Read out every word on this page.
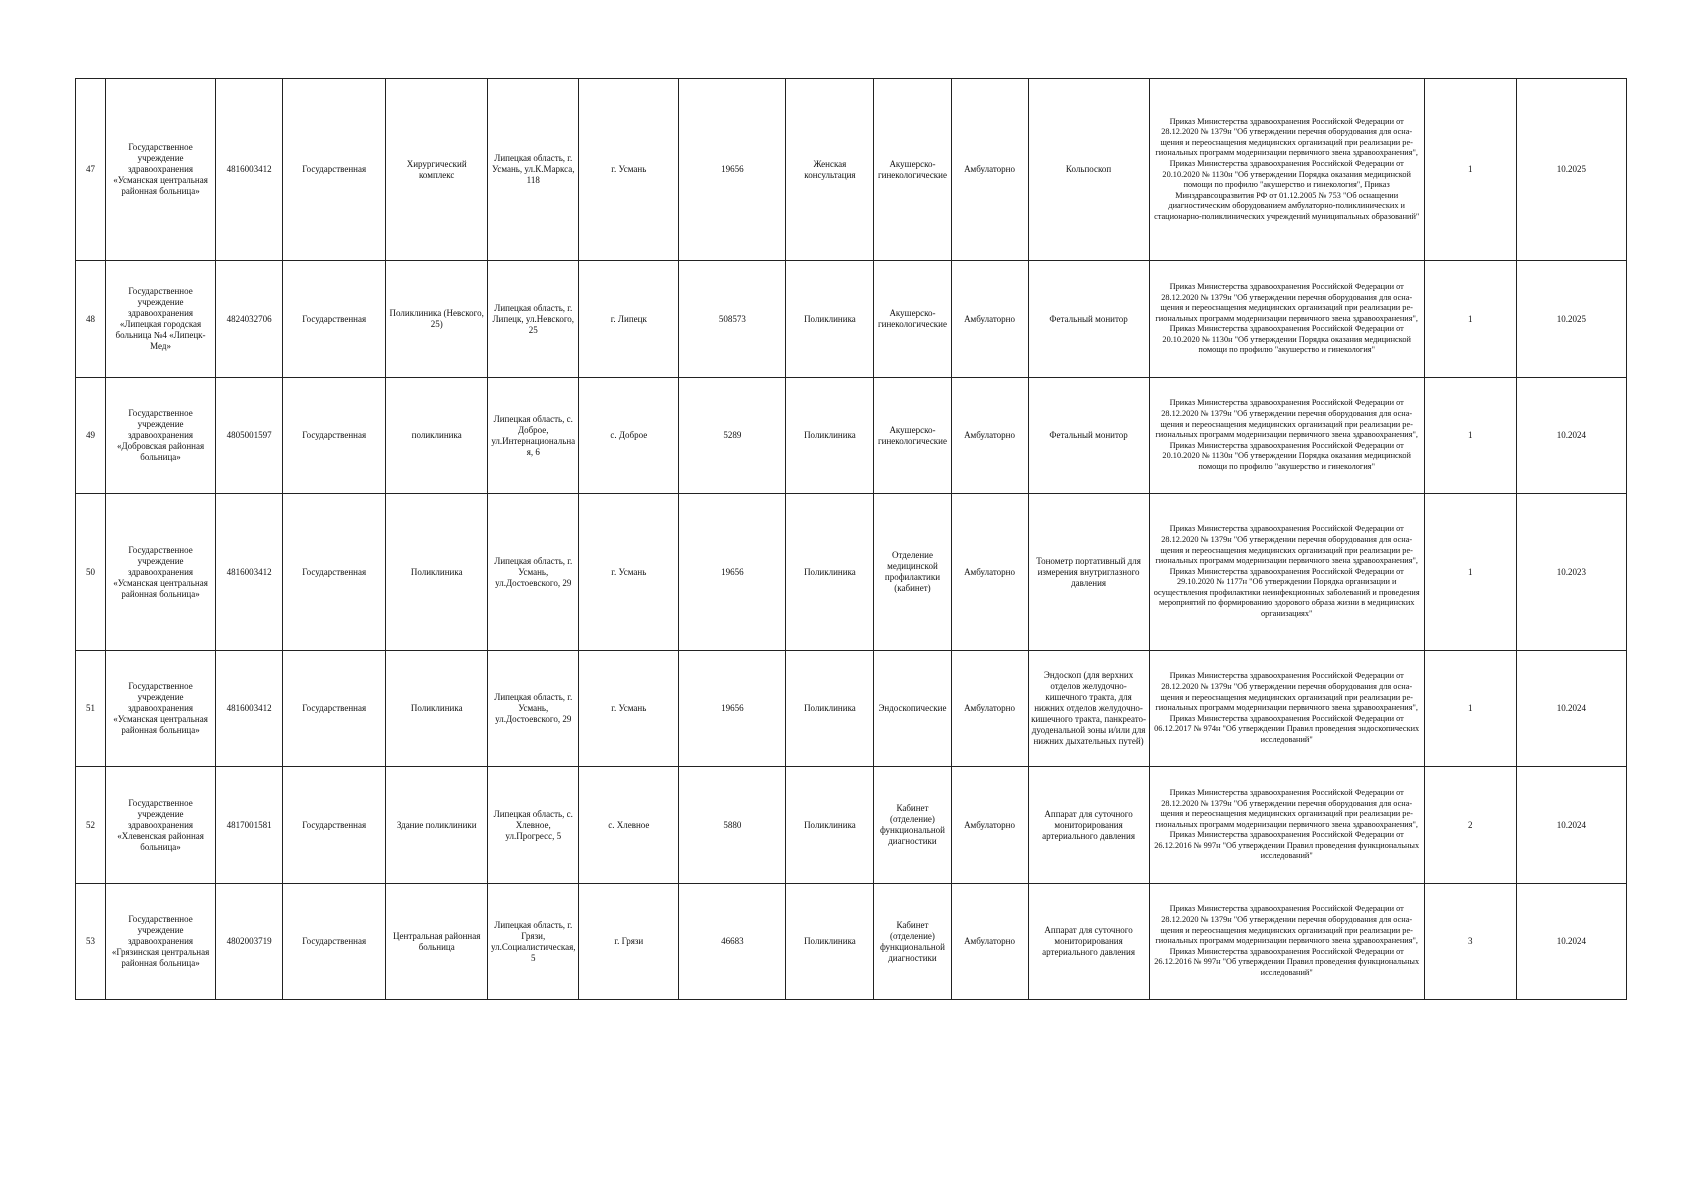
47	Государственное учреждение здравоохранения «Усманская центральная районная больница»	4816003412	Государственная	Хирургический комплекс	Липецкая область, г. Усмань, ул.К.Маркса, 118	г. Усмань	19656	Женская консультация	Акушерско-гинекологические	Амбулаторно	Кольпоскоп	Приказ Министерства здравоохранения Российской Федерации от 28.12.2020 № 1379н "Об утверждении перечня оборудования для осна-щения и переоснащения медицинских организаций при реализации ре-гиональных программ модернизации первичного звена здравоохранения", Приказ Министерства здравоохранения Российской Федерации от 20.10.2020 № 1130н "Об утверждении Порядка оказания медицинской помощи по профилю "акушерство и гинекология", Приказ Минздравсоцразвития РФ от 01.12.2005 № 753 "Об оснащении диагностическим оборудованием амбулаторно-поликлинических и стационарно-поликлинических учреждений муниципальных образований"	1	10.2025
48	Государственное учреждение здравоохранения «Липецкая городская больница №4 «Липецк-Мед»	4824032706	Государственная	Поликлиника (Невского, 25)	Липецкая область, г. Липецк, ул.Невского, 25	г. Липецк	508573	Поликлиника	Акушерско-гинекологические	Амбулаторно	Фетальный монитор	Приказ Министерства здравоохранения Российской Федерации от 28.12.2020 № 1379н "Об утверждении перечня оборудования для осна-щения и переоснащения медицинских организаций при реализации ре-гиональных программ модернизации первичного звена здравоохранения", Приказ Министерства здравоохранения Российской Федерации от 20.10.2020 № 1130н "Об утверждении Порядка оказания медицинской помощи по профилю "акушерство и гинекология"	1	10.2025
49	Государственное учреждение здравоохранения «Добровская районная больница»	4805001597	Государственная	поликлиника	Липецкая область, с. Доброе, ул.Интернациональная, 6	с. Доброе	5289	Поликлиника	Акушерско-гинекологические	Амбулаторно	Фетальный монитор	Приказ Министерства здравоохранения Российской Федерации от 28.12.2020 № 1379н "Об утверждении перечня оборудования для осна-щения и переоснащения медицинских организаций при реализации ре-гиональных программ модернизации первичного звена здравоохранения", Приказ Министерства здравоохранения Российской Федерации от 20.10.2020 № 1130н "Об утверждении Порядка оказания медицинской помощи по профилю "акушерство и гинекология"	1	10.2024
50	Государственное учреждение здравоохранения «Усманская центральная районная больница»	4816003412	Государственная	Поликлиника	Липецкая область, г. Усмань, ул.Достоевского, 29	г. Усмань	19656	Поликлиника	Отделение медицинской профилактики (кабинет)	Амбулаторно	Тонометр портативный для измерения внутриглазного давления	Приказ Министерства здравоохранения Российской Федерации от 28.12.2020 № 1379н "Об утверждении перечня оборудования для осна-щения и переоснащения медицинских организаций при реализации ре-гиональных программ модернизации первичного звена здравоохранения", Приказ Министерства здравоохранения Российской Федерации от 29.10.2020 № 1177н "Об утверждении Порядка организации и осуществления профилактики неинфекционных заболеваний и проведения мероприятий по формированию здорового образа жизни в медицинских организациях"	1	10.2023
51	Государственное учреждение здравоохранения «Усманская центральная районная больница»	4816003412	Государственная	Поликлиника	Липецкая область, г. Усмань, ул.Достоевского, 29	г. Усмань	19656	Поликлиника	Эндоскопические	Амбулаторно	Эндоскоп (для верхних отделов желудочно-кишечного тракта, для нижних отделов желудочно-кишечного тракта, панкреато-дуоденальной зоны и/или для нижних дыхательных путей)	Приказ Министерства здравоохранения Российской Федерации от 28.12.2020 № 1379н "Об утверждении перечня оборудования для осна-щения и переоснащения медицинских организаций при реализации ре-гиональных программ модернизации первичного звена здравоохранения", Приказ Министерства здравоохранения Российской Федерации от 06.12.2017 № 974н "Об утверждении Правил проведения эндоскопических исследований"	1	10.2024
52	Государственное учреждение здравоохранения «Хлевенская районная больница»	4817001581	Государственная	Здание поликлиники	Липецкая область, с. Хлевное, ул.Прогресс, 5	с. Хлевное	5880	Поликлиника	Кабинет (отделение) функциональной диагностики	Амбулаторно	Аппарат для суточного мониторирования артериального давления	Приказ Министерства здравоохранения Российской Федерации от 28.12.2020 № 1379н "Об утверждении перечня оборудования для осна-щения и переоснащения медицинских организаций при реализации ре-гиональных программ модернизации первичного звена здравоохранения", Приказ Министерства здравоохранения Российской Федерации от 26.12.2016 № 997н "Об утверждении Правил проведения функциональных исследований"	2	10.2024
53	Государственное учреждение здравоохранения «Грязинская центральная районная больница»	4802003719	Государственная	Центральная районная больница	Липецкая область, г. Грязи, ул.Социалистическая, 5	г. Грязи	46683	Поликлиника	Кабинет (отделение) функциональной диагностики	Амбулаторно	Аппарат для суточного мониторирования артериального давления	Приказ Министерства здравоохранения Российской Федерации от 28.12.2020 № 1379н "Об утверждении перечня оборудования для осна-щения и переоснащения медицинских организаций при реализации ре-гиональных программ модернизации первичного звена здравоохранения", Приказ Министерства здравоохранения Российской Федерации от 26.12.2016 № 997н "Об утверждении Правил проведения функциональных исследований"	3	10.2024
